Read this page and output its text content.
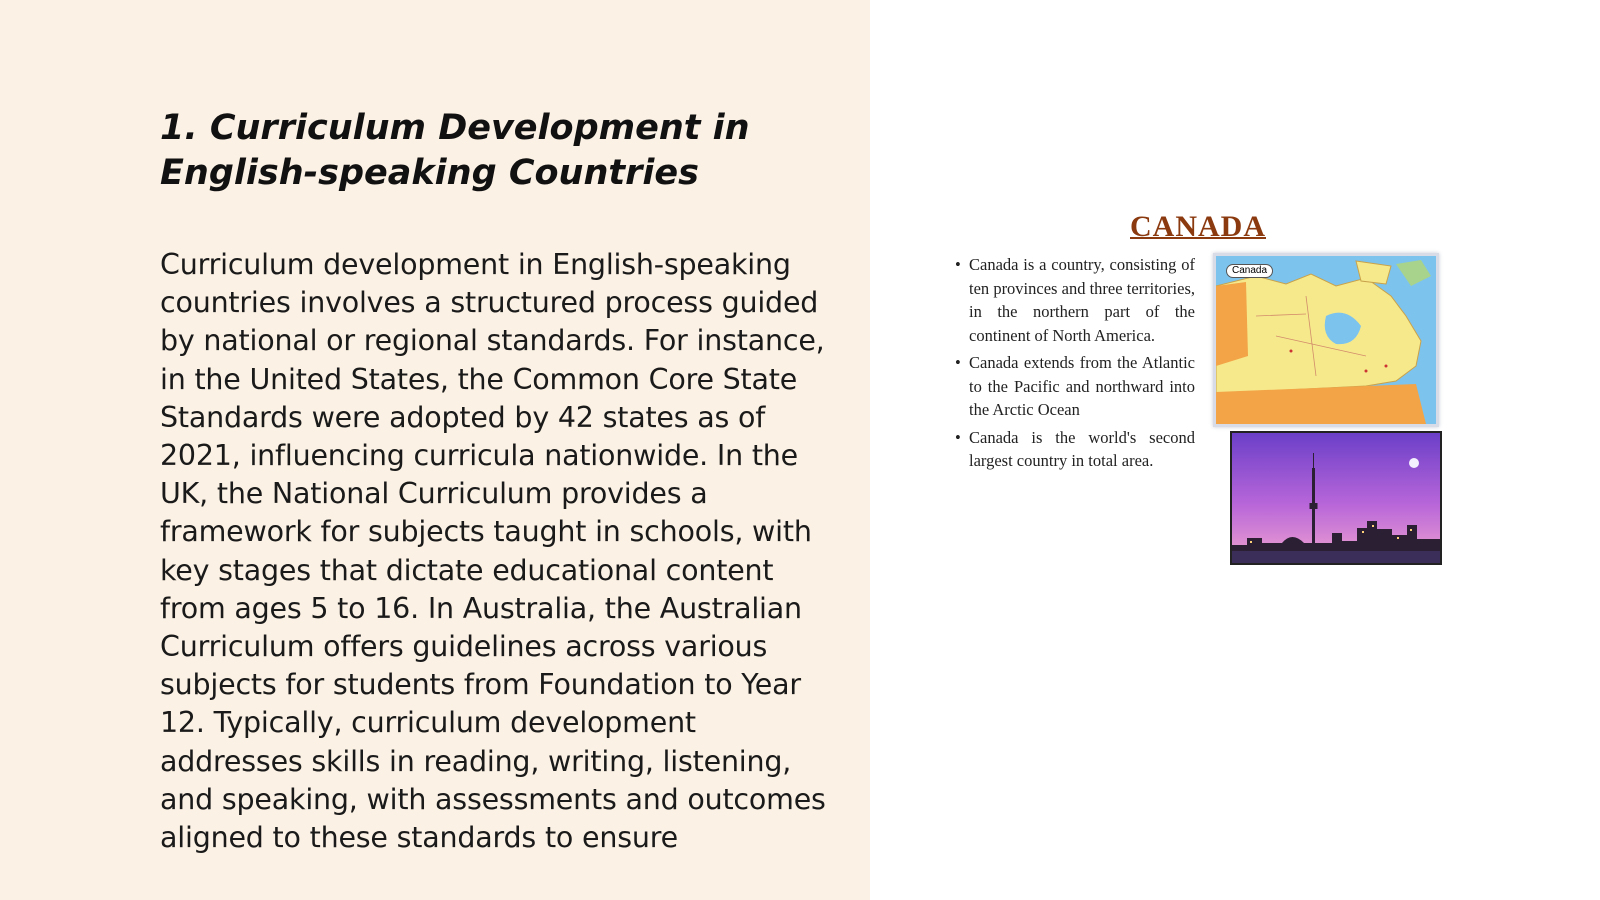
1. Curriculum Development in English-speaking Countries

Curriculum development in English-speaking countries involves a structured process guided by national or regional standards. For instance, in the United States, the Common Core State Standards were adopted by 42 states as of 2021, influencing curricula nationwide. In the UK, the National Curriculum provides a framework for subjects taught in schools, with key stages that dictate educational content from ages 5 to 16. In Australia, the Australian Curriculum offers guidelines across various subjects for students from Foundation to Year 12. Typically, curriculum development addresses skills in reading, writing, listening, and speaking, with assessments and outcomes aligned to these standards to ensure

CANADA
• Canada is a country, consisting of ten provinces and three territories, in the northern part of the continent of North America.
• Canada extends from the Atlantic to the Pacific and northward into the Arctic Ocean
• Canada is the world's second largest country in total area.
Canada
